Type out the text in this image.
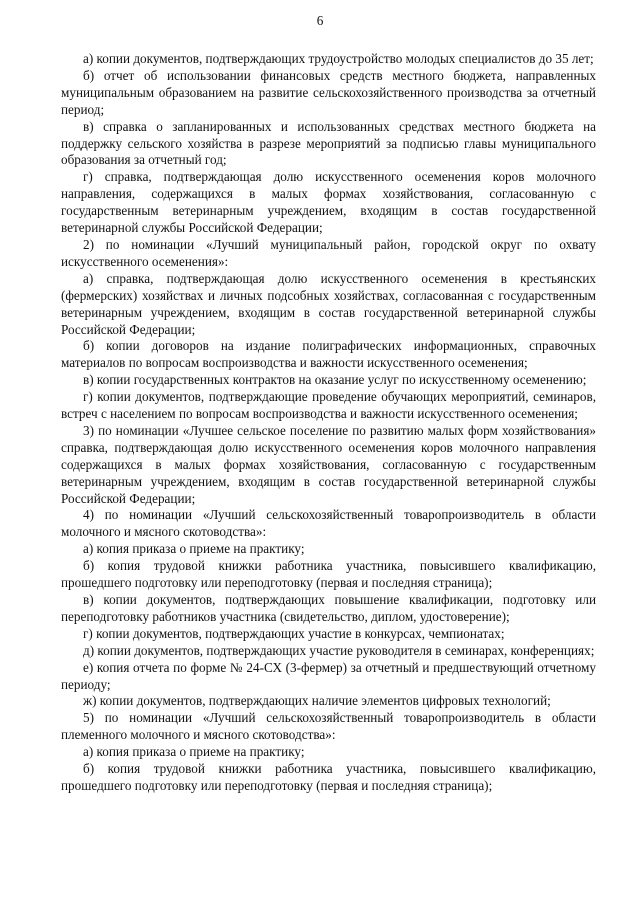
6

а) копии документов, подтверждающих трудоустройство молодых специалистов до 35 лет;

б) отчет об использовании финансовых средств местного бюджета, направленных муниципальным образованием на развитие сельскохозяйственного производства за отчетный период;

в) справка о запланированных и использованных средствах местного бюджета на поддержку сельского хозяйства в разрезе мероприятий за подписью главы муниципального образования за отчетный год;

г) справка, подтверждающая долю искусственного осеменения коров молочного направления, содержащихся в малых формах хозяйствования, согласованную с государственным ветеринарным учреждением, входящим в состав государственной ветеринарной службы Российской Федерации;

2) по номинации «Лучший муниципальный район, городской округ по охвату искусственного осеменения»:

а) справка, подтверждающая долю искусственного осеменения в крестьянских (фермерских) хозяйствах и личных подсобных хозяйствах, согласованная с государственным ветеринарным учреждением, входящим в состав государственной ветеринарной службы Российской Федерации;

б) копии договоров на издание полиграфических информационных, справочных материалов по вопросам воспроизводства и важности искусственного осеменения;

в) копии государственных контрактов на оказание услуг по искусственному осеменению;

г) копии документов, подтверждающие проведение обучающих мероприятий, семинаров, встреч с населением по вопросам воспроизводства и важности искусственного осеменения;

3) по номинации «Лучшее сельское поселение по развитию малых форм хозяйствования» справка, подтверждающая долю искусственного осеменения коров молочного направления содержащихся в малых формах хозяйствования, согласованную с государственным ветеринарным учреждением, входящим в состав государственной ветеринарной службы Российской Федерации;

4) по номинации «Лучший сельскохозяйственный товаропроизводитель в области молочного и мясного скотоводства»:

а) копия приказа о приеме на практику;

б) копия трудовой книжки работника участника, повысившего квалификацию, прошедшего подготовку или переподготовку (первая и последняя страница);

в) копии документов, подтверждающих повышение квалификации, подготовку или переподготовку работников участника (свидетельство, диплом, удостоверение);

г) копии документов, подтверждающих участие в конкурсах, чемпионатах;

д) копии документов, подтверждающих участие руководителя в семинарах, конференциях;

е) копия отчета по форме № 24-СХ (3-фермер) за отчетный и предшествующий отчетному периоду;

ж) копии документов, подтверждающих наличие элементов цифровых технологий;

5) по номинации «Лучший сельскохозяйственный товаропроизводитель в области племенного молочного и мясного скотоводства»:

а) копия приказа о приеме на практику;

б) копия трудовой книжки работника участника, повысившего квалификацию, прошедшего подготовку или переподготовку (первая и последняя страница);
